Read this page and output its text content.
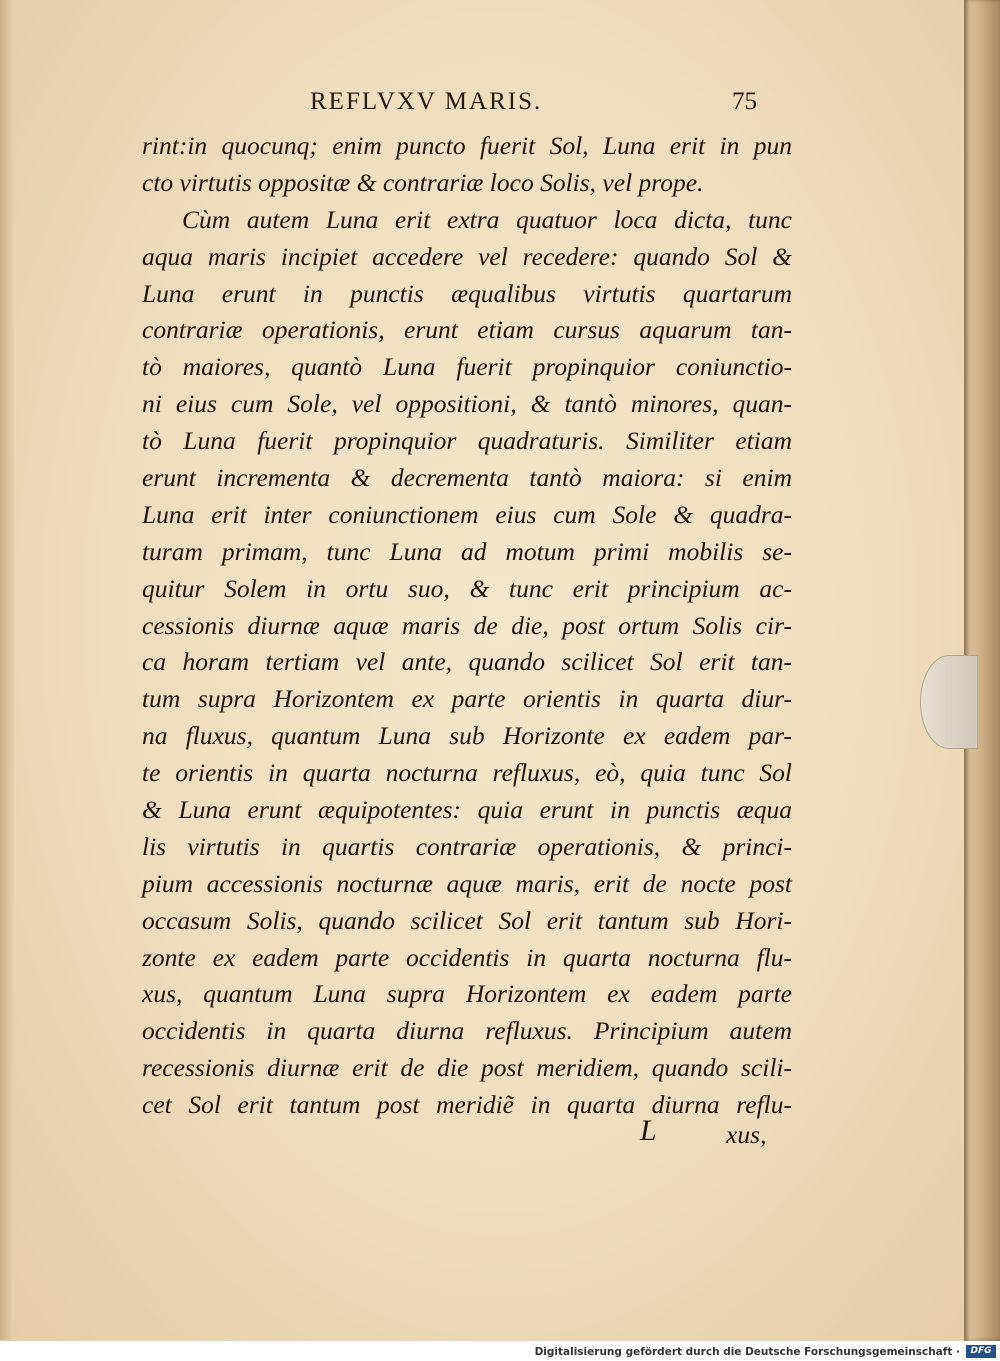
REFLVXV MARIS.	75
rint:in quocunq; enim puncto fuerit Sol, Luna erit in pun
cto virtutis oppositæ & contrariæ loco Solis, vel prope.
Cùm autem Luna erit extra quatuor loca dicta, tunc
aqua maris incipiet accedere vel recedere: quando Sol &
Luna erunt in punctis æqualibus virtutis quartarum
contrariæ operationis, erunt etiam cursus aquarum tan-
tò maiores, quantò Luna fuerit propinquior coniunctio-
ni eius cum Sole, vel oppositioni, & tantò minores, quan-
tò Luna fuerit propinquior quadraturis. Similiter etiam
erunt incrementa & decrementa tantò maiora: si enim
Luna erit inter coniunctionem eius cum Sole & quadra-
turam primam, tunc Luna ad motum primi mobilis se-
quitur Solem in ortu suo, & tunc erit principium ac-
cessionis diurnæ aquæ maris de die, post ortum Solis cir-
ca horam tertiam vel ante, quando scilicet Sol erit tan-
tum supra Horizontem ex parte orientis in quarta diur-
na fluxus, quantum Luna sub Horizonte ex eadem par-
te orientis in quarta nocturna refluxus, eò, quia tunc Sol
& Luna erunt æquipotentes: quia erunt in punctis æqua
lis virtutis in quartis contrariæ operationis, & princi-
pium accessionis nocturnæ aquæ maris, erit de nocte post
occasum Solis, quando scilicet Sol erit tantum sub Hori-
zonte ex eadem parte occidentis in quarta nocturna flu-
xus, quantum Luna supra Horizontem ex eadem parte
occidentis in quarta diurna refluxus. Principium autem
recessionis diurnæ erit de die post meridiem, quando scili-
cet Sol erit tantum post meridiẽ in quarta diurna reflu-
L	xus,
Digitalisierung gefördert durch die Deutsche Forschungsgemeinschaft ·	DFG
